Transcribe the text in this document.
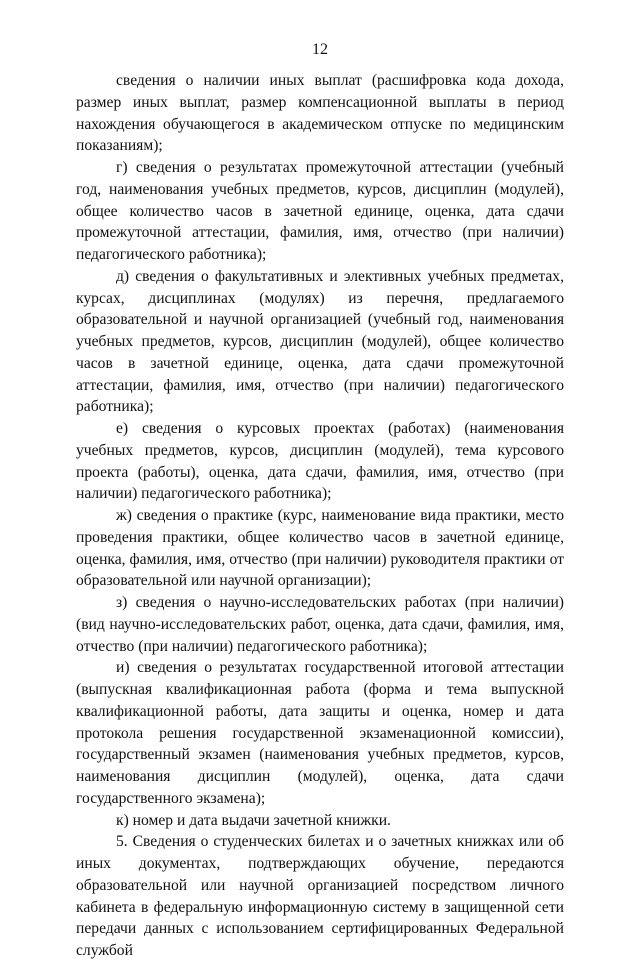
12

сведения о наличии иных выплат (расшифровка кода дохода, размер иных выплат, размер компенсационной выплаты в период нахождения обучающегося в академическом отпуске по медицинским показаниям);

г) сведения о результатах промежуточной аттестации (учебный год, наименования учебных предметов, курсов, дисциплин (модулей), общее количество часов в зачетной единице, оценка, дата сдачи промежуточной аттестации, фамилия, имя, отчество (при наличии) педагогического работника);

д) сведения о факультативных и элективных учебных предметах, курсах, дисциплинах (модулях) из перечня, предлагаемого образовательной и научной организацией (учебный год, наименования учебных предметов, курсов, дисциплин (модулей), общее количество часов в зачетной единице, оценка, дата сдачи промежуточной аттестации, фамилия, имя, отчество (при наличии) педагогического работника);

е) сведения о курсовых проектах (работах) (наименования учебных предметов, курсов, дисциплин (модулей), тема курсового проекта (работы), оценка, дата сдачи, фамилия, имя, отчество (при наличии) педагогического работника);

ж) сведения о практике (курс, наименование вида практики, место проведения практики, общее количество часов в зачетной единице, оценка, фамилия, имя, отчество (при наличии) руководителя практики от образовательной или научной организации);

з) сведения о научно-исследовательских работах (при наличии) (вид научно-исследовательских работ, оценка, дата сдачи, фамилия, имя, отчество (при наличии) педагогического работника);

и) сведения о результатах государственной итоговой аттестации (выпускная квалификационная работа (форма и тема выпускной квалификационной работы, дата защиты и оценка, номер и дата протокола решения государственной экзаменационной комиссии), государственный экзамен (наименования учебных предметов, курсов, наименования дисциплин (модулей), оценка, дата сдачи государственного экзамена);

к) номер и дата выдачи зачетной книжки.

5. Сведения о студенческих билетах и о зачетных книжках или об иных документах, подтверждающих обучение, передаются образовательной или научной организацией посредством личного кабинета в федеральную информационную систему в защищенной сети передачи данных с использованием сертифицированных Федеральной службой
